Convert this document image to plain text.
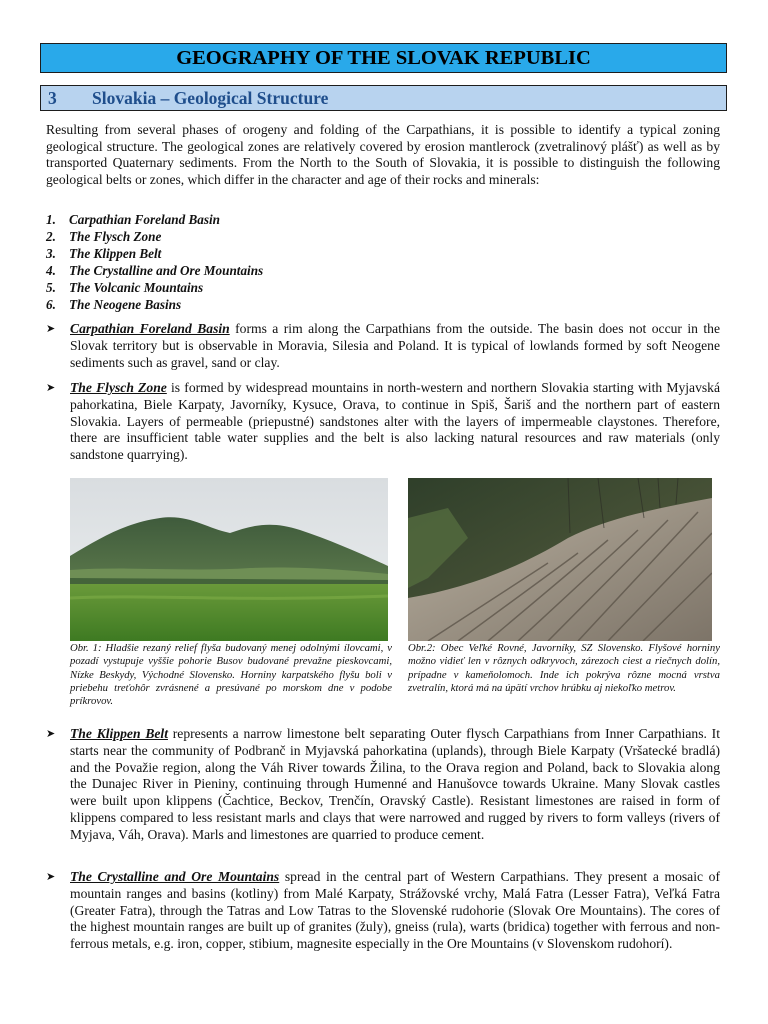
GEOGRAPHY OF THE SLOVAK REPUBLIC
3 Slovakia – Geological Structure

Resulting from several phases of orogeny and folding of the Carpathians, it is possible to identify a typical zoning geological structure. The geological zones are relatively covered by erosion mantlerock (zvetralinový plášť) as well as by transported Quaternary sediments. From the North to the South of Slovakia, it is possible to distinguish the following geological belts or zones, which differ in the character and age of their rocks and minerals:

1. Carpathian Foreland Basin
2. The Flysch Zone
3. The Klippen Belt
4. The Crystalline and Ore Mountains
5. The Volcanic Mountains
6. The Neogene Basins
➤ Carpathian Foreland Basin forms a rim along the Carpathians from the outside. The basin does not occur in the Slovak territory but is observable in Moravia, Silesia and Poland. It is typical of lowlands formed by soft Neogene sediments such as gravel, sand or clay.
➤ The Flysch Zone is formed by widespread mountains in north-western and northern Slovakia starting with Myjavská pahorkatina, Biele Karpaty, Javorníky, Kysuce, Orava, to continue in Spiš, Šariš and the northern part of eastern Slovakia. Layers of permeable (priepustné) sandstones alter with the layers of impermeable claystones. Therefore, there are insufficient table water supplies and the belt is also lacking natural resources and raw materials (only sandstone quarrying).

Obr. 1: Hladšie rezaný relief flyša budovaný menej odolnými ílovcami, v pozadí vystupuje vyššie pohorie Busov budované prevažne pieskovcami, Nízke Beskydy, Východné Slovensko. Horniny karpatského flyšu boli v priebehu treťohôr zvrásnené a presúvané po morskom dne v podobe príkrovov.

Obr.2: Obec Veľké Rovné, Javorníky, SZ Slovensko. Flyšové horniny možno vidieť len v rôznych odkryvoch, zárezoch ciest a riečnych dolín, prípadne v kameňolomoch. Inde ich pokrýva rôzne mocná vrstva zvetralín, ktorá má na úpätí vrchov hrúbku aj niekoľko metrov.

➤ The Klippen Belt represents a narrow limestone belt separating Outer flysch Carpathians from Inner Carpathians. It starts near the community of Podbranč in Myjavská pahorkatina (uplands), through Biele Karpaty (Vršatecké bradlá) and the Považie region, along the Váh River towards Žilina, to the Orava region and Poland, back to Slovakia along the Dunajec River in Pieniny, continuing through Humenné and Hanušovce towards Ukraine. Many Slovak castles were built upon klippens (Čachtice, Beckov, Trenčín, Oravský Castle). Resistant limestones are raised in form of klippens compared to less resistant marls and clays that were narrowed and rugged by rivers to form valleys (rivers of Myjava, Váh, Orava). Marls and limestones are quarried to produce cement.
➤ The Crystalline and Ore Mountains spread in the central part of Western Carpathians. They present a mosaic of mountain ranges and basins (kotliny) from Malé Karpaty, Strážovské vrchy, Malá Fatra (Lesser Fatra), Veľká Fatra (Greater Fatra), through the Tatras and Low Tatras to the Slovenské rudohorie (Slovak Ore Mountains). The cores of the highest mountain ranges are built up of granites (žuly), gneiss (rula), warts (bridica) together with ferrous and non-ferrous metals, e.g. iron, copper, stibium, magnesite especially in the Ore Mountains (v Slovenskom rudohorí).
